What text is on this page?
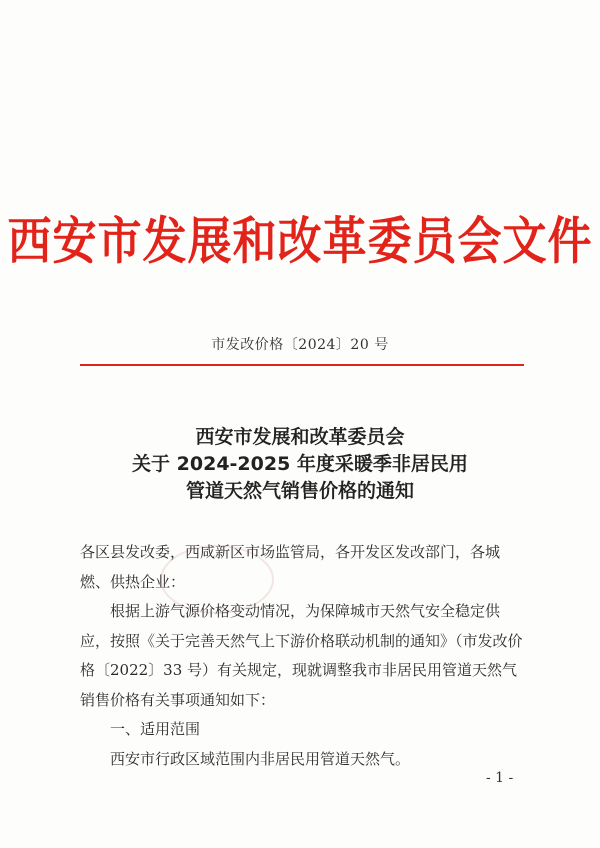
西安市发展和改革委员会文件
市发改价格〔2024〕20 号
西安市发展和改革委员会
关于 2024-2025 年度采暖季非居民用
管道天然气销售价格的通知

各区县发改委，西咸新区市场监管局，各开发区发改部门，各城燃、供热企业：

根据上游气源价格变动情况，为保障城市天然气安全稳定供应，按照《关于完善天然气上下游价格联动机制的通知》（市发改价格〔2022〕33 号）有关规定，现就调整我市非居民用管道天然气销售价格有关事项通知如下：

一、适用范围

西安市行政区域范围内非居民用管道天然气。

- 1 -
